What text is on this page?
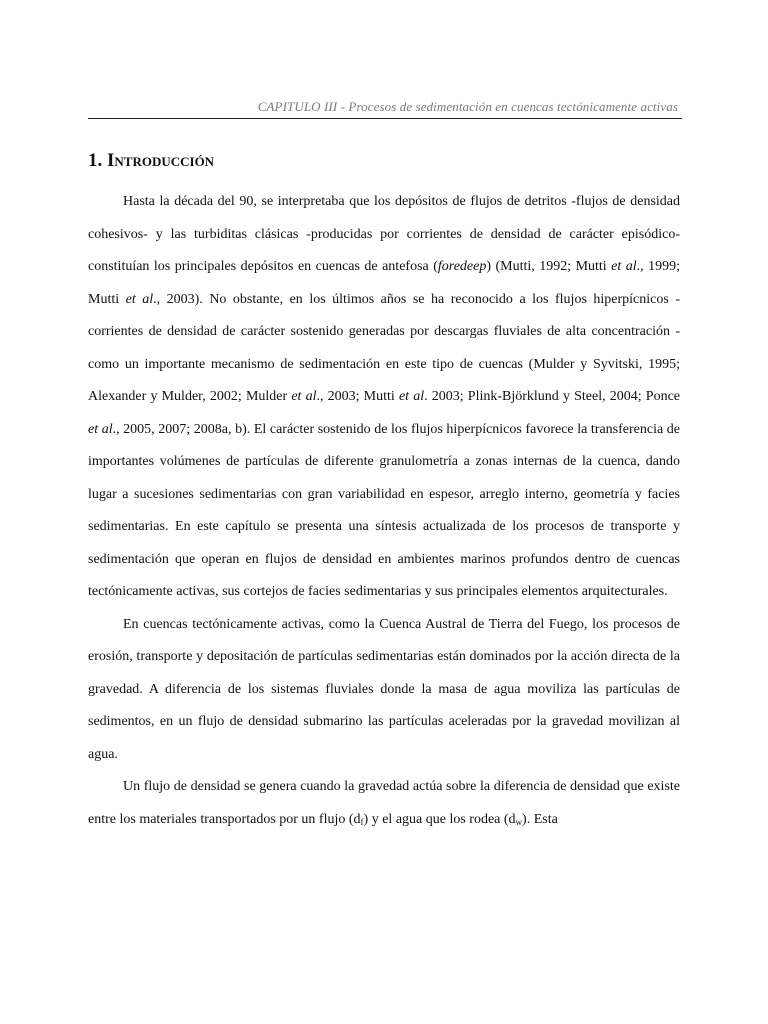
CAPITULO III - Procesos de sedimentación en cuencas tectónicamente activas
1. Introducción

Hasta la década del 90, se interpretaba que los depósitos de flujos de detritos -flujos de densidad cohesivos- y las turbiditas clásicas -producidas por corrientes de densidad de carácter episódico- constituían los principales depósitos en cuencas de antefosa (foredeep) (Mutti, 1992; Mutti et al., 1999; Mutti et al., 2003). No obstante, en los últimos años se ha reconocido a los flujos hiperpícnicos -corrientes de densidad de carácter sostenido generadas por descargas fluviales de alta concentración - como un importante mecanismo de sedimentación en este tipo de cuencas (Mulder y Syvitski, 1995; Alexander y Mulder, 2002; Mulder et al., 2003; Mutti et al. 2003; Plink-Björklund y Steel, 2004; Ponce et al., 2005, 2007; 2008a, b). El carácter sostenido de los flujos hiperpícnicos favorece la transferencia de importantes volúmenes de partículas de diferente granulometría a zonas internas de la cuenca, dando lugar a sucesiones sedimentarias con gran variabilidad en espesor, arreglo interno, geometría y facies sedimentarias. En este capítulo se presenta una síntesis actualizada de los procesos de transporte y sedimentación que operan en flujos de densidad en ambientes marinos profundos dentro de cuencas tectónicamente activas, sus cortejos de facies sedimentarias y sus principales elementos arquitecturales.

En cuencas tectónicamente activas, como la Cuenca Austral de Tierra del Fuego, los procesos de erosión, transporte y depositación de partículas sedimentarias están dominados por la acción directa de la gravedad. A diferencia de los sistemas fluviales donde la masa de agua moviliza las partículas de sedimentos, en un flujo de densidad submarino las partículas aceleradas por la gravedad movilizan al agua.

Un flujo de densidad se genera cuando la gravedad actúa sobre la diferencia de densidad que existe entre los materiales transportados por un flujo $(d_f)$ y el agua que los rodea $(d_w)$. Esta
